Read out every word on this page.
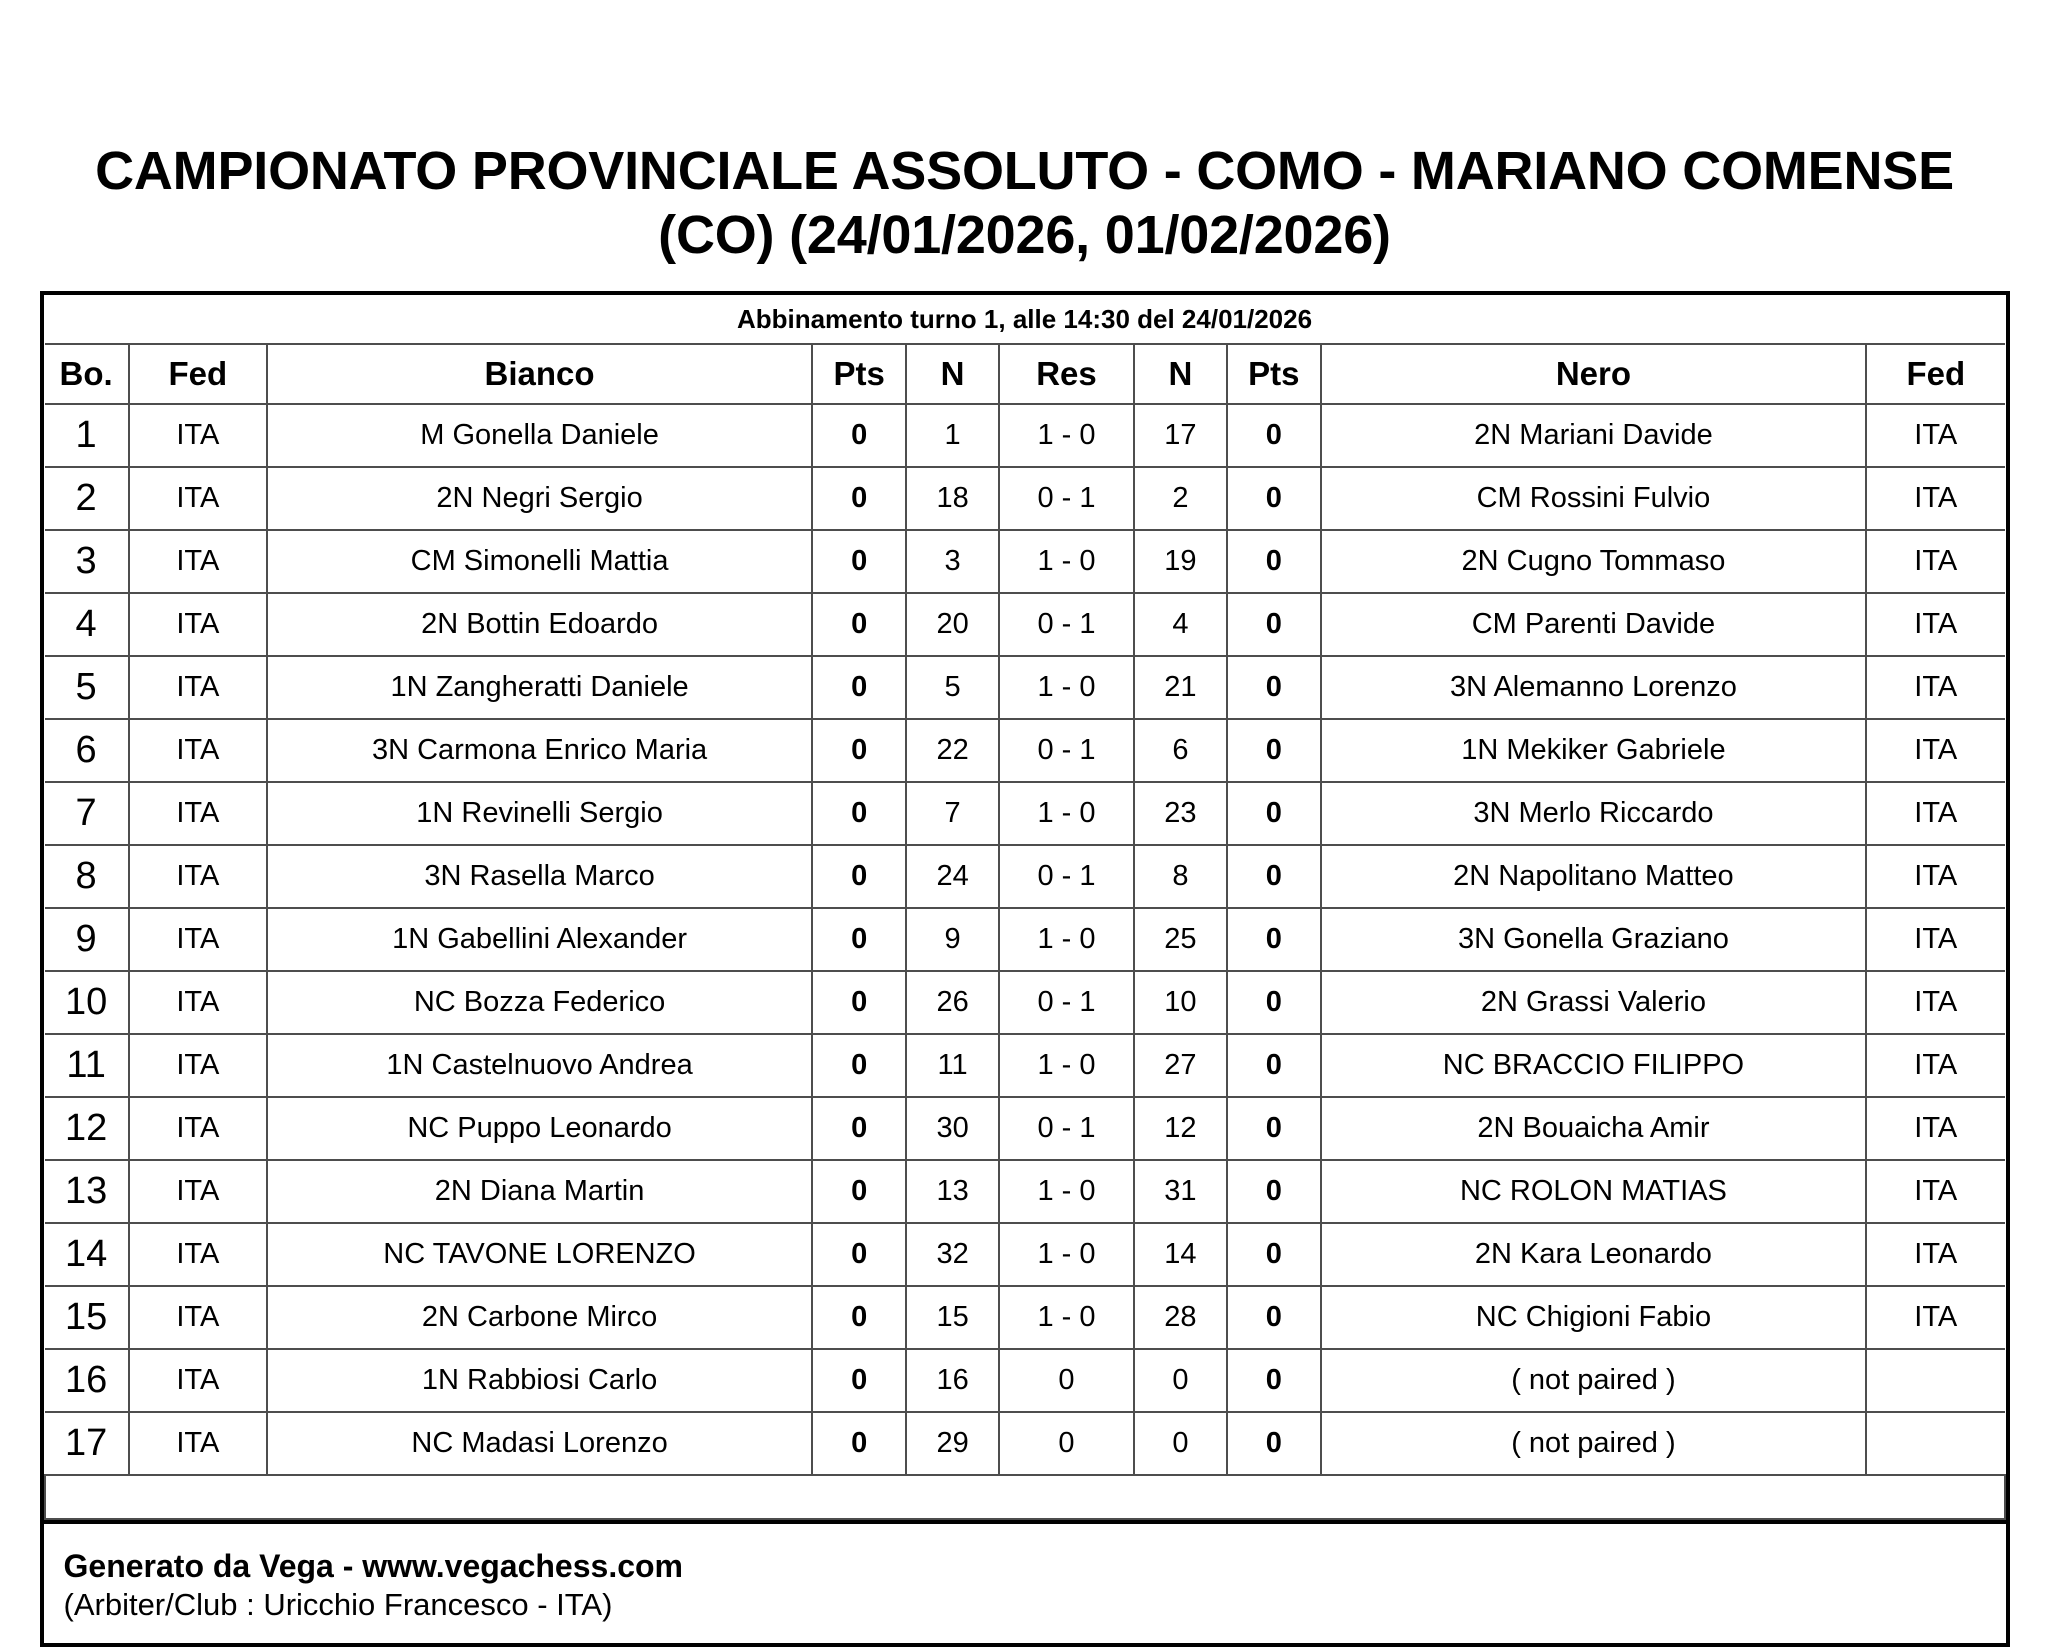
CAMPIONATO PROVINCIALE ASSOLUTO - COMO - MARIANO COMENSE
(CO) (24/01/2026, 01/02/2026)
Abbinamento turno 1, alle 14:30 del 24/01/2026									
Bo.	Fed	Bianco	Pts	N	Res	N	Pts	Nero	Fed
1	ITA	M Gonella Daniele	0	1	1 - 0	17	0	2N Mariani Davide	ITA
2	ITA	2N Negri Sergio	0	18	0 - 1	2	0	CM Rossini Fulvio	ITA
3	ITA	CM Simonelli Mattia	0	3	1 - 0	19	0	2N Cugno Tommaso	ITA
4	ITA	2N Bottin Edoardo	0	20	0 - 1	4	0	CM Parenti Davide	ITA
5	ITA	1N Zangheratti Daniele	0	5	1 - 0	21	0	3N Alemanno Lorenzo	ITA
6	ITA	3N Carmona Enrico Maria	0	22	0 - 1	6	0	1N Mekiker Gabriele	ITA
7	ITA	1N Revinelli Sergio	0	7	1 - 0	23	0	3N Merlo Riccardo	ITA
8	ITA	3N Rasella Marco	0	24	0 - 1	8	0	2N Napolitano Matteo	ITA
9	ITA	1N Gabellini Alexander	0	9	1 - 0	25	0	3N Gonella Graziano	ITA
10	ITA	NC Bozza Federico	0	26	0 - 1	10	0	2N Grassi Valerio	ITA
11	ITA	1N Castelnuovo Andrea	0	11	1 - 0	27	0	NC BRACCIO FILIPPO	ITA
12	ITA	NC Puppo Leonardo	0	30	0 - 1	12	0	2N Bouaicha Amir	ITA
13	ITA	2N Diana Martin	0	13	1 - 0	31	0	NC ROLON MATIAS	ITA
14	ITA	NC TAVONE LORENZO	0	32	1 - 0	14	0	2N Kara Leonardo	ITA
15	ITA	2N Carbone Mirco	0	15	1 - 0	28	0	NC Chigioni Fabio	ITA
16	ITA	1N Rabbiosi Carlo	0	16	0	0	0	( not paired )	
17	ITA	NC Madasi Lorenzo	0	29	0	0	0	( not paired )	

Generato da Vega - www.vegachess.com
(Arbiter/Club : Uricchio Francesco - ITA)
